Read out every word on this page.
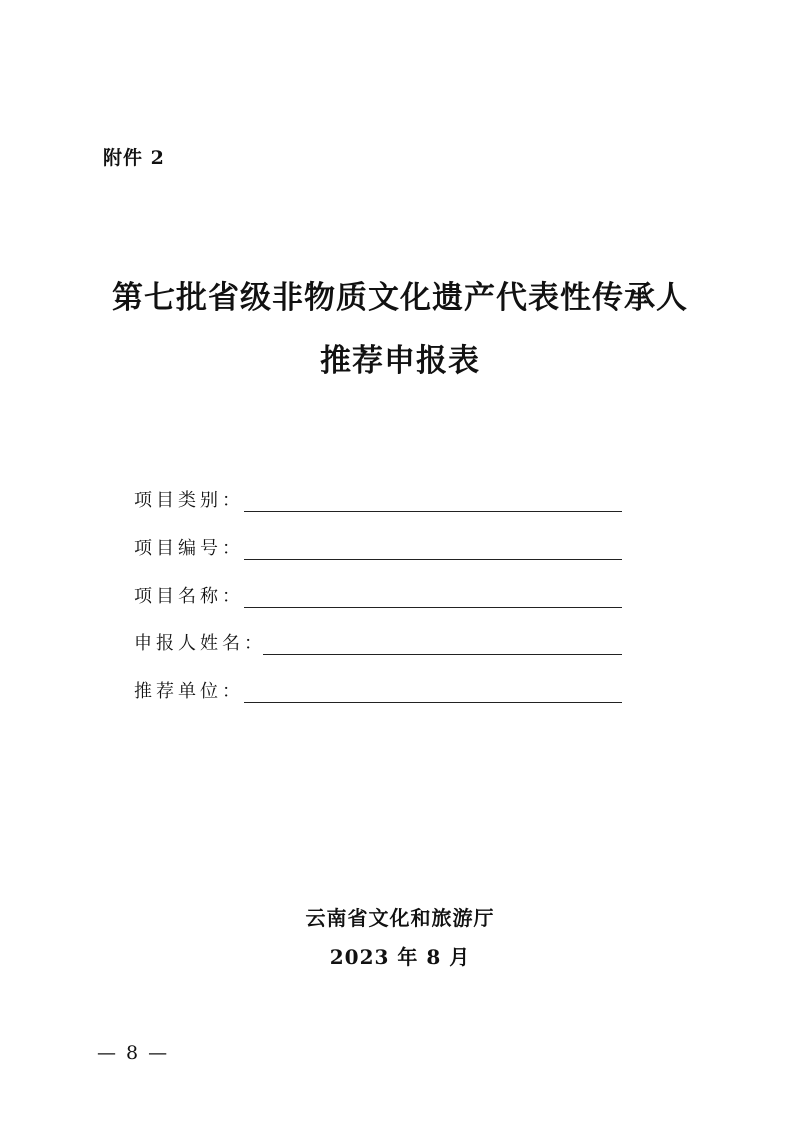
附件 2
第七批省级非物质文化遗产代表性传承人
推荐申报表
项目类别：
项目编号：
项目名称：
申报人姓名：
推荐单位：
云南省文化和旅游厅
2023 年 8 月
— 8 —
